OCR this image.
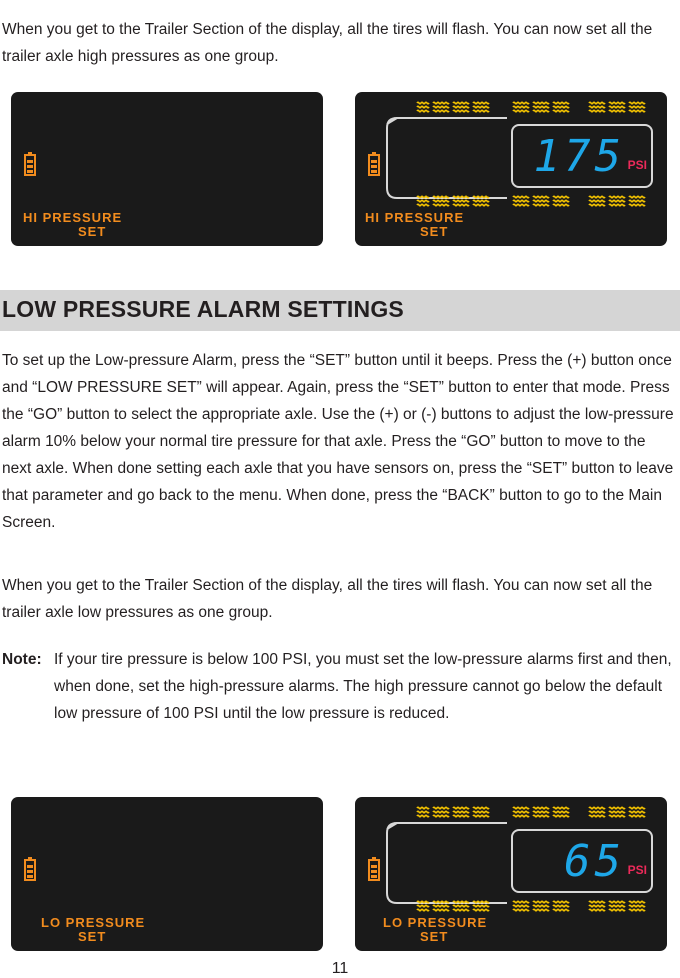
When you get to the Trailer Section of the display, all the tires will flash. You can now set all the trailer axle high pressures as one group.

HI PRESSURE
SET
175 PSI
HI PRESSURE
SET
LOW PRESSURE ALARM SETTINGS

To set up the Low-pressure Alarm, press the “SET” button until it beeps. Press the (+) button once and “LOW PRESSURE SET” will appear. Again, press the “SET” button to enter that mode. Press the “GO” button to select the appropriate axle. Use the (+) or (-) buttons to adjust the low-pressure alarm 10% below your normal tire pressure for that axle. Press the “GO” button to move to the next axle. When done setting each axle that you have sensors on, press the “SET” button to leave that parameter and go back to the menu. When done, press the “BACK” button to go to the Main Screen.

When you get to the Trailer Section of the display, all the tires will flash. You can now set all the trailer axle low pressures as one group.

Note: If your tire pressure is below 100 PSI, you must set the low-pressure alarms first and then, when done, set the high-pressure alarms. The high pressure cannot go below the default low pressure of 100 PSI until the low pressure is reduced.
LO PRESSURE
SET
65 PSI
LO PRESSURE
SET
11
